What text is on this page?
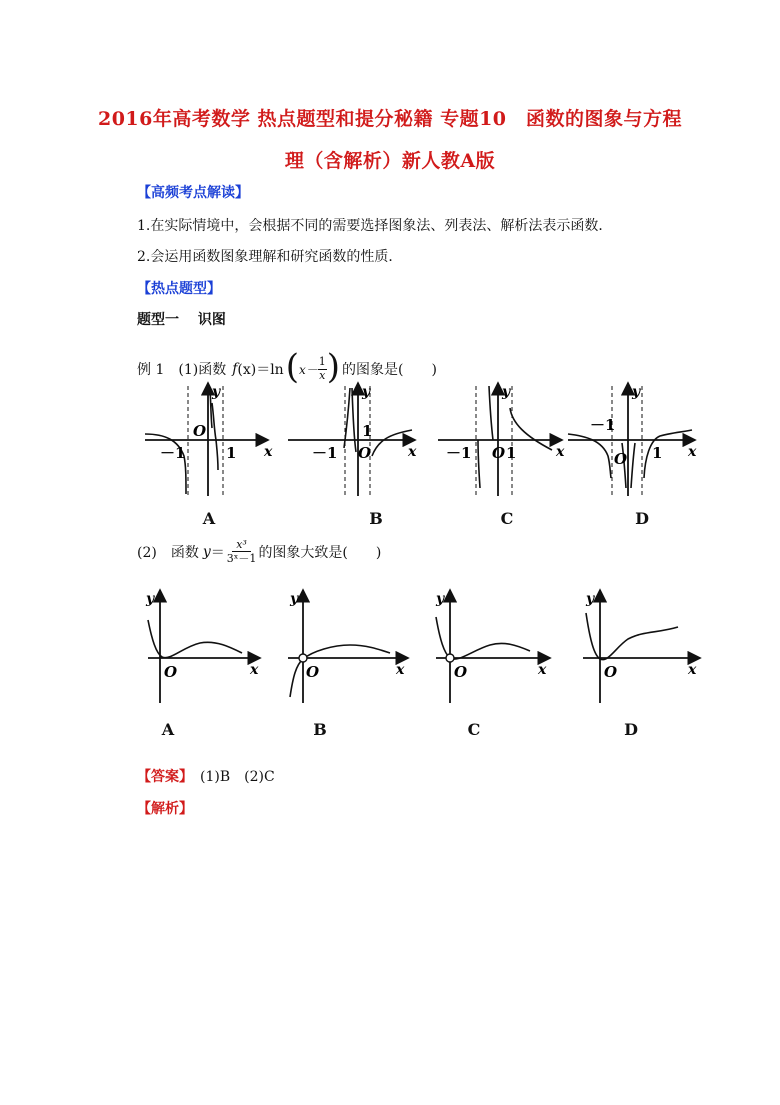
2016年高考数学 热点题型和提分秘籍 专题10　函数的图象与方程
理（含解析）新人教A版
【高频考点解读】
1.在实际情境中，会根据不同的需要选择图象法、列表法、解析法表示函数．
2.会运用函数图象理解和研究函数的性质．
【热点题型】
题型一　 识图
例 1　(1)函数 f (x)＝ln ( $x- \frac{1}{x}$ ) 的图象是(　　)
－1	1
O
y
x	－1
1
O
y
x －1 1
O
y
x
－1
1
O
y
x
A	B	C	D
(2)　函数 $y = \frac{\text{x³}}{\text{3ˣ－1}}$ 的图象大致是(　　)
O
y
x	O
y
x	O
y
x	O
y
x
A	B	C	D
【答案】　(1)B　(2)C
【解析】
